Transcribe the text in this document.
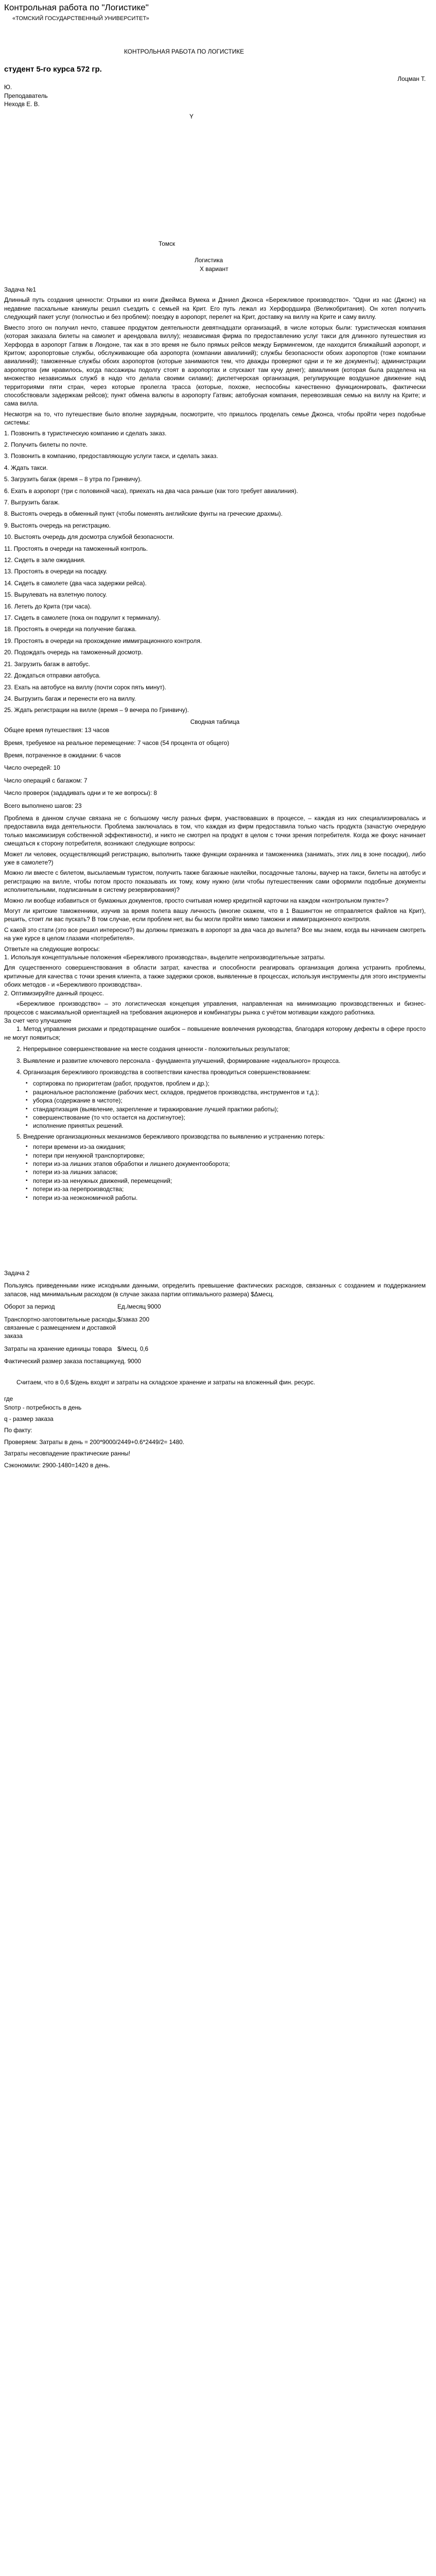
Контрольная работа по "Логистике"

«ТОМСКИЙ ГОСУДАРСТВЕННЫЙ УНИВЕРСИТЕТ»

КОНТРОЛЬНАЯ РАБОТА ПО ЛОГИСТИКЕ

студент 5-го курса 572 гр.

Лоцман Т.

Ю.

Преподаватель

Неходв Е. В.

Y

Томск

Логистика

Х вариант

Задача №1

Длинный путь создания ценности: Отрывки из книги Джеймса Вумека и Дэниел Джонса «Бережливое производство». "Одни из нас (Джонс) на недавние пасхальные каникулы решил съездить с семьей на Крит. Его путь лежал из Херфордшира (Великобритания). Он хотел получить следующий пакет услуг (полностью и без проблем): поездку в аэропорт, перелет на Крит, доставку на виллу на Крите и саму виллу.

Вместо этого он получил нечто, ставшее продуктом деятельности девятнадцати организаций, в числе которых были: туристическая компания (которая заказала билеты на самолет и арендовала виллу); независимая фирма по предоставлению услуг такси для длинного путешествия из Херфорда в аэропорт Гатвик в Лондоне, так как в это время не было прямых рейсов между Бирмингемом, где находится ближайший аэропорт, и Критом; аэропортовые службы, обслуживающие оба аэропорта (компании авиалиний); службы безопасности обоих аэропортов (тоже компании авиалиний); таможенные службы обоих аэропортов (которые занимаются тем, что дважды проверяют одни и те же документы); администрации аэропортов (им нравилось, когда пассажиры подолгу стоят в аэропортах и спускают там кучу денег); авиалиния (которая была разделена на множество независимых служб в надо что делала своими силами); диспетчерская организация, регулирующие воздушное движение над территориями пяти стран, через которые пролегла трасса (которые, похоже, неспособны качественно функционировать, фактически способствовали задержкам рейсов); пункт обмена валюты в аэропорту Гатвик; автобусная компания, перевозившая семью на виллу на Крите; и сама вилла.

Несмотря на то, что путешествие было вполне заурядным, посмотрите, что пришлось проделать семье Джонса, чтобы пройти через подобные системы:

1. Позвонить в туристическую компанию и сделать заказ.

2. Получить билеты по почте.

3. Позвонить в компанию, предоставляющую услуги такси, и сделать заказ.

4. Ждать такси.

5. Загрузить багаж (время – 8 утра по Гринвичу).

6. Ехать в аэропорт (три с половиной часа), приехать на два часа раньше (как того требует авиалиния).

7. Выгрузить багаж.

8. Выстоять очередь в обменный пункт (чтобы поменять английские фунты на греческие драхмы).

9. Выстоять очередь на регистрацию.

10. Выстоять очередь для досмотра службой безопасности.

11. Простоять в очереди на таможенный контроль.

12. Сидеть в зале ожидания.

13. Простоять в очереди на посадку.

14. Сидеть в самолете (два часа задержки рейса).

15. Вырулевать на взлетную полосу.

16. Лететь до Крита (три часа).

17. Сидеть в самолете (пока он подрулит к терминалу).

18. Простоять в очереди на получение багажа.

19. Простоять в очереди на прохождение иммиграционного контроля.

20. Подождать очередь на таможенный досмотр.

21. Загрузить багаж в автобус.

22. Дождаться отправки автобуса.

23. Ехать на автобусе на виллу (почти сорок пять минут).

24. Выгрузить багаж и перенести его на виллу.

25. Ждать регистрации на вилле (время – 9 вечера по Гринвичу).

Сводная таблица

Общее время путешествия: 13 часов

Время, требуемое на реальное перемещение: 7 часов (54 процента от общего)

Время, потраченное в ожидании: 6 часов

Число очередей: 10

Число операций с багажом: 7

Число проверок (зададивать одни и те же вопросы): 8

Всего выполнено шагов: 23

Проблема в данном случае связана не с большому числу разных фирм, участвовавших в процессе, – каждая из них специализировалась и предоставила вида деятельности. Проблема заключалась в том, что каждая из фирм предоставила только часть продукта (зачастую очередную только максимизируя собственной эффективности), и никто не смотрел на продукт в целом с точки зрения потребителя. Когда же фокус начинает смещаться к сторону потребителя, возникают следующие вопросы:

Может ли человек, осуществляющий регистрацию, выполнить также функции охранника и таможенника (занимать, этих лиц в зоне посадки), либо уже в самолете?)

Можно ли вместе с билетом, высылаемым туристом, получить также багажные наклейки, посадочные талоны, ваучер на такси, билеты на автобус и регистрацию на вилле, чтобы потом просто показывать их тому, кому нужно (или чтобы путешественник сами оформили подобные документы исполнительными, подписанным в систему резервирования)?

Можно ли вообще избавиться от бумажных документов, просто считывая номер кредитной карточки на каждом «контрольном пункте»?

Могут ли критские таможенники, изучив за время полета вашу личность (многие скажем, что в 1 Вашингтон не отправляется файлов на Крит), решить, стоит ли вас пускать? В том случае, если проблем нет, вы бы могли пройти мимо таможни и иммиграционного контроля.

С какой это стати (это все решил интересно?) вы должны приезжать в аэропорт за два часа до вылета? Все мы знаем, когда вы начинаем смотреть на уже курсе в целом глазами «потребителя».

Ответьте на следующие вопросы:

1. Используя концептуальные положения «Бережливого производства», выделите непроизводительные затраты.

Для существенного совершенствования в области затрат, качества и способности реагировать организация должна устранить проблемы, критичные для качества с точки зрения клиента, а также задержки сроков, выявленные в процессах, используя инструменты для этого инструменты обоих методов - и «Бережливого производства».

2. Оптимизируйте данный процесс.

«Бережливое производство» – это логистическая концепция управления, направленная на минимизацию производственных и бизнес-процессов с максимальной ориентацией на требования акционеров и комбинатуры рынка с учётом мотивации каждого работника.

За счет чего улучшение

1. Метод управления рисками и предотвращение ошибок – повышение вовлечения руководства, благодаря которому дефекты в сфере просто не могут появиться;

2. Непрерывное совершенствование на месте создания ценности - положительных результатов;

3. Выявление и развитие ключевого персонала - фундамента улучшений, формирование «идеального» процесса.

4. Организация бережливого производства в соответствии качества проводиться совершенствованием:

▪ сортировка по приоритетам (работ, продуктов, проблем и др.);
▪ рациональное расположение (рабочих мест, складов, предметов производства, инструментов и т.д.);
▪ уборка (содержание в чистоте);
▪ стандартизация (выявление, закрепление и тиражирование лучшей практики работы);
▪ совершенствование (то что остается на достигнутое);
▪ исполнение принятых решений.

5. Внедрение организационных механизмов бережливого производства по выявлению и устранению потерь:

▪ потери времени из-за ожидания;
▪ потери при ненужной транспортировке;
▪ потери из-за лишних этапов обработки и лишнего документооборота;
▪ потери из-за лишних запасов;
▪ потери из-за ненужных движений, перемещений;
▪ потери из-за перепроизводства;
▪ потери из-за неэкономичной работы.

Задача 2

Пользуясь приведенными ниже исходными данными, определить превышение фактических расходов, связанных с созданием и поддержанием запасов, над минимальным расходом (в случае заказа партии оптимального размера) $Δмесц.

Оборот за период	Ед./месяц 9000
Транспортно-заготовительные расходы, связанные с размещением и доставкой заказа
$/заказ 200
Затраты на хранение единицы товара $/месц. 0,6
Фактический размер заказа поставщику ед. 9000

Считаем, что в 0,6 $/день входят и затраты на складское хранение и затраты на вложенный фин. ресурс.

где

Sпотр - потребность в день

q - размер заказа

По факту:

Проверяем: Затраты в день = 200*9000/2449+0.6*2449/2= 1480.

Затраты несовпадение практические ранны!

Сэкономили: 2900-1480=1420 в день.
